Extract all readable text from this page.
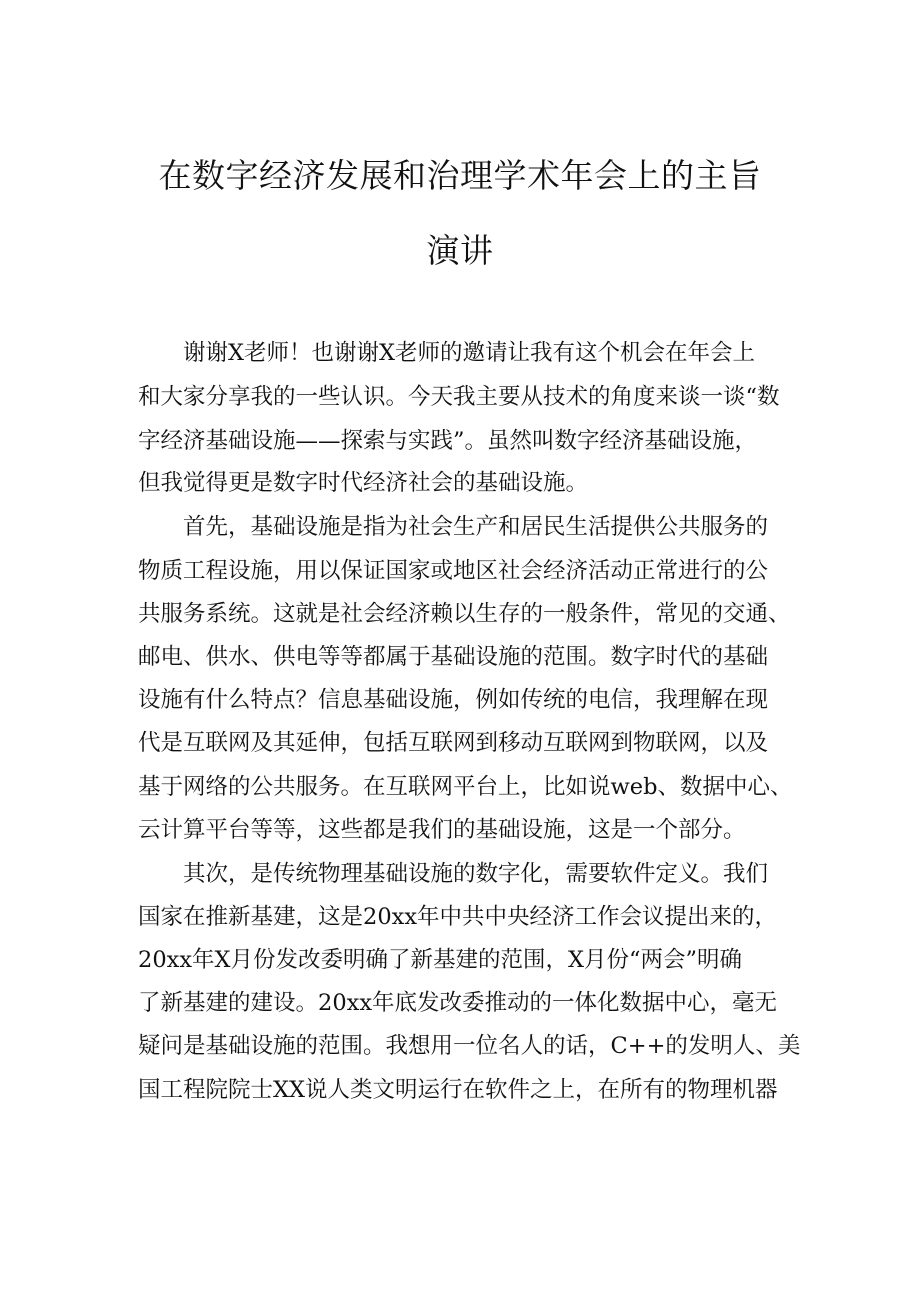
在数字经济发展和治理学术年会上的主旨
演讲
　　谢谢X老师！也谢谢X老师的邀请让我有这个机会在年会上
和大家分享我的一些认识。今天我主要从技术的角度来谈一谈“数
字经济基础设施——探索与实践”。虽然叫数字经济基础设施，
但我觉得更是数字时代经济社会的基础设施。
　　首先，基础设施是指为社会生产和居民生活提供公共服务的
物质工程设施，用以保证国家或地区社会经济活动正常进行的公
共服务系统。这就是社会经济赖以生存的一般条件，常见的交通、
邮电、供水、供电等等都属于基础设施的范围。数字时代的基础
设施有什么特点？信息基础设施，例如传统的电信，我理解在现
代是互联网及其延伸，包括互联网到移动互联网到物联网，以及
基于网络的公共服务。在互联网平台上，比如说web、数据中心、
云计算平台等等，这些都是我们的基础设施，这是一个部分。
　　其次，是传统物理基础设施的数字化，需要软件定义。我们
国家在推新基建，这是20xx年中共中央经济工作会议提出来的，
20xx年X月份发改委明确了新基建的范围，X月份“两会”明确
了新基建的建设。20xx年底发改委推动的一体化数据中心，毫无
疑问是基础设施的范围。我想用一位名人的话，C++的发明人、美
国工程院院士XX说人类文明运行在软件之上，在所有的物理机器
